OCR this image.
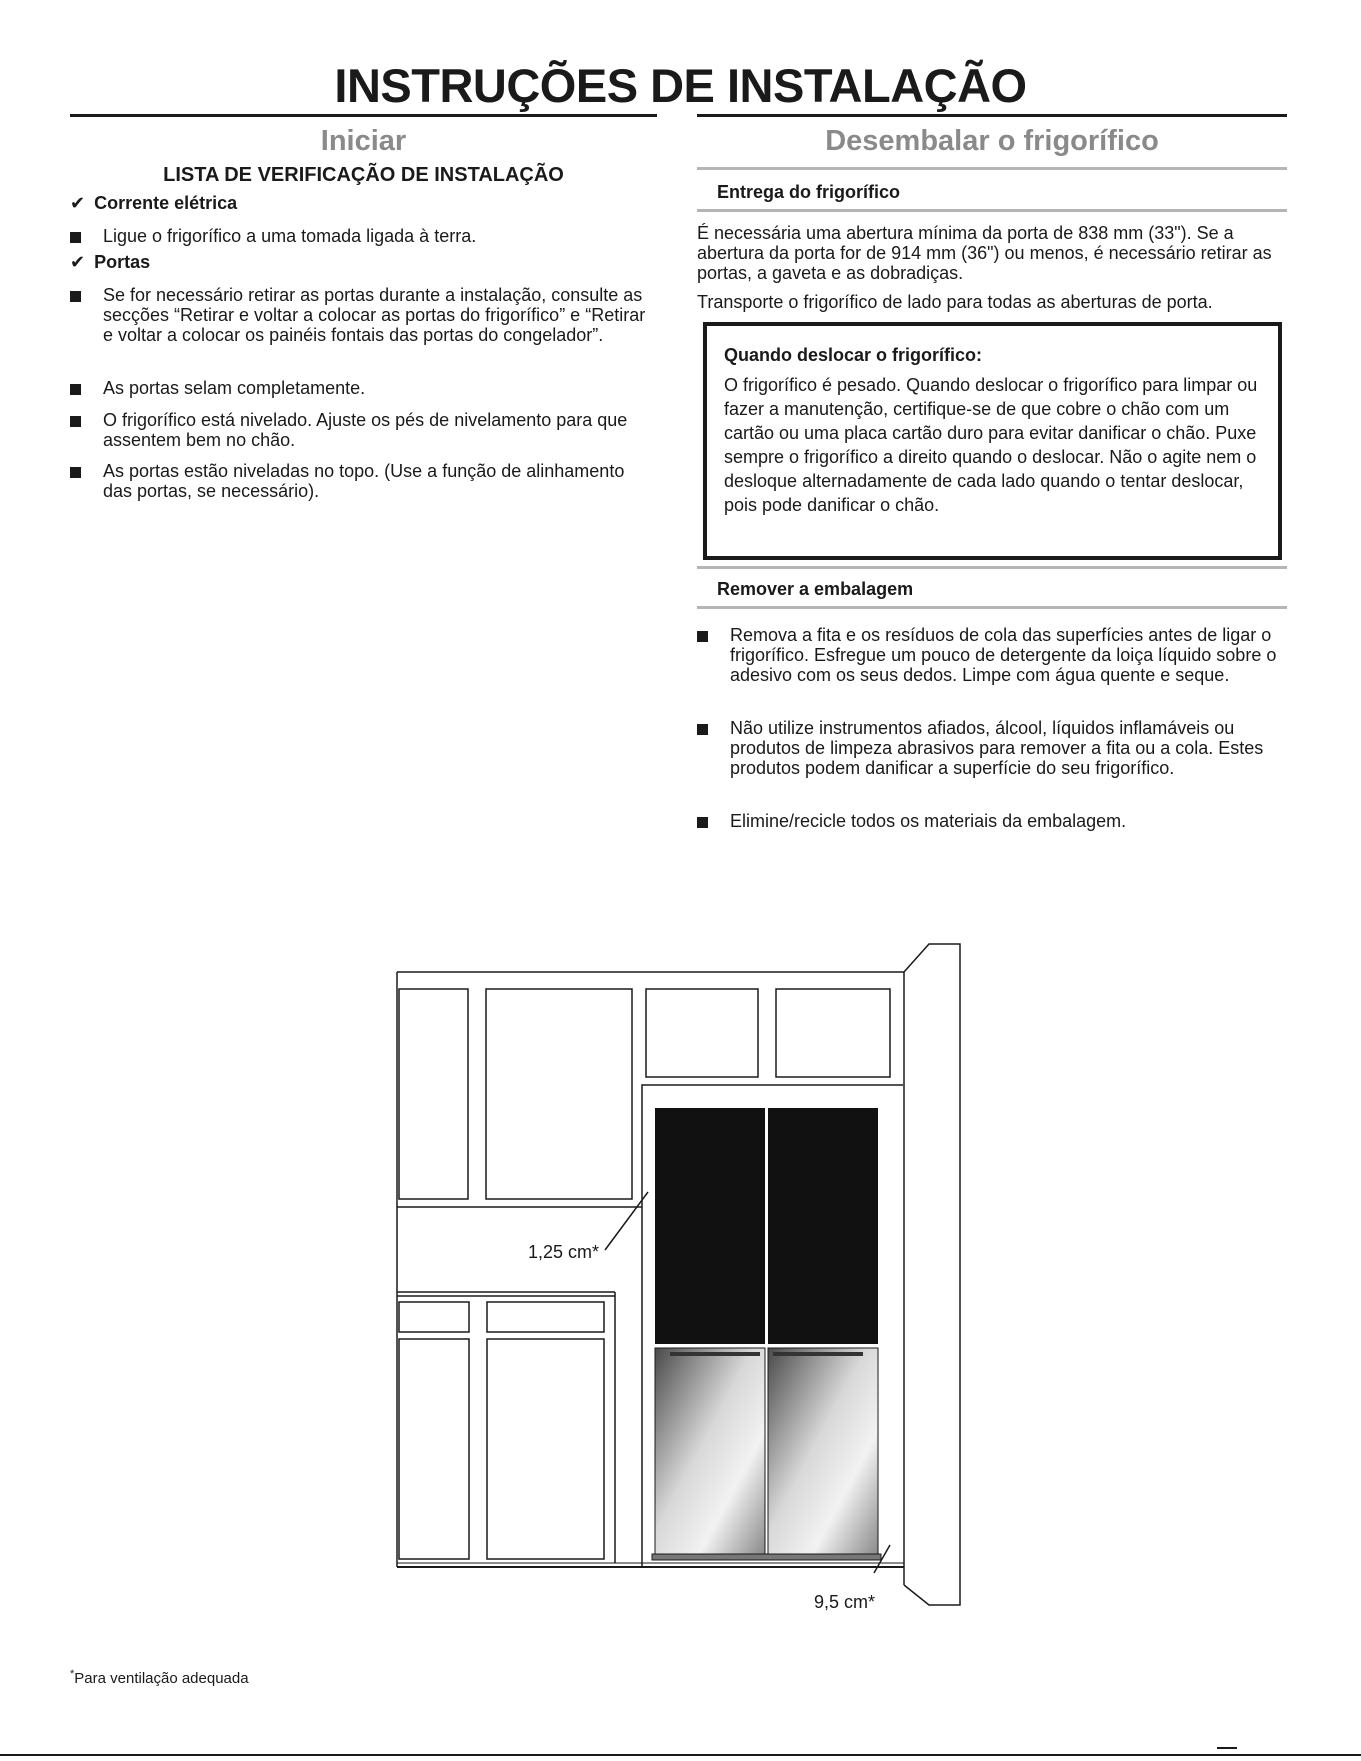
INSTRUÇÕES DE INSTALAÇÃO
Iniciar
LISTA DE VERIFICAÇÃO DE INSTALAÇÃO
✔ Corrente elétrica
Ligue o frigorífico a uma tomada ligada à terra.
✔ Portas
Se for necessário retirar as portas durante a instalação, consulte as secções “Retirar e voltar a colocar as portas do frigorífico” e “Retirar e voltar a colocar os painéis fontais das portas do congelador”.
As portas selam completamente.
O frigorífico está nivelado. Ajuste os pés de nivelamento para que assentem bem no chão.
As portas estão niveladas no topo. (Use a função de alinhamento das portas, se necessário).
Desembalar o frigorífico
Entrega do frigorífico
É necessária uma abertura mínima da porta de 838 mm (33"). Se a abertura da porta for de 914 mm (36") ou menos, é necessário retirar as portas, a gaveta e as dobradiças.
Transporte o frigorífico de lado para todas as aberturas de porta.
Quando deslocar o frigorífico:
O frigorífico é pesado. Quando deslocar o frigorífico para limpar ou fazer a manutenção, certifique-se de que cobre o chão com um cartão ou uma placa cartão duro para evitar danificar o chão. Puxe sempre o frigorífico a direito quando o deslocar. Não o agite nem o desloque alternadamente de cada lado quando o tentar deslocar, pois pode danificar o chão.
Remover a embalagem
Remova a fita e os resíduos de cola das superfícies antes de ligar o frigorífico. Esfregue um pouco de detergente da loiça líquido sobre o adesivo com os seus dedos. Limpe com água quente e seque.
Não utilize instrumentos afiados, álcool, líquidos inflamáveis ou produtos de limpeza abrasivos para remover a fita ou a cola. Estes produtos podem danificar a superfície do seu frigorífico.
Elimine/recicle todos os materiais da embalagem.
1,25 cm*
9,5 cm*
*Para ventilação adequada
